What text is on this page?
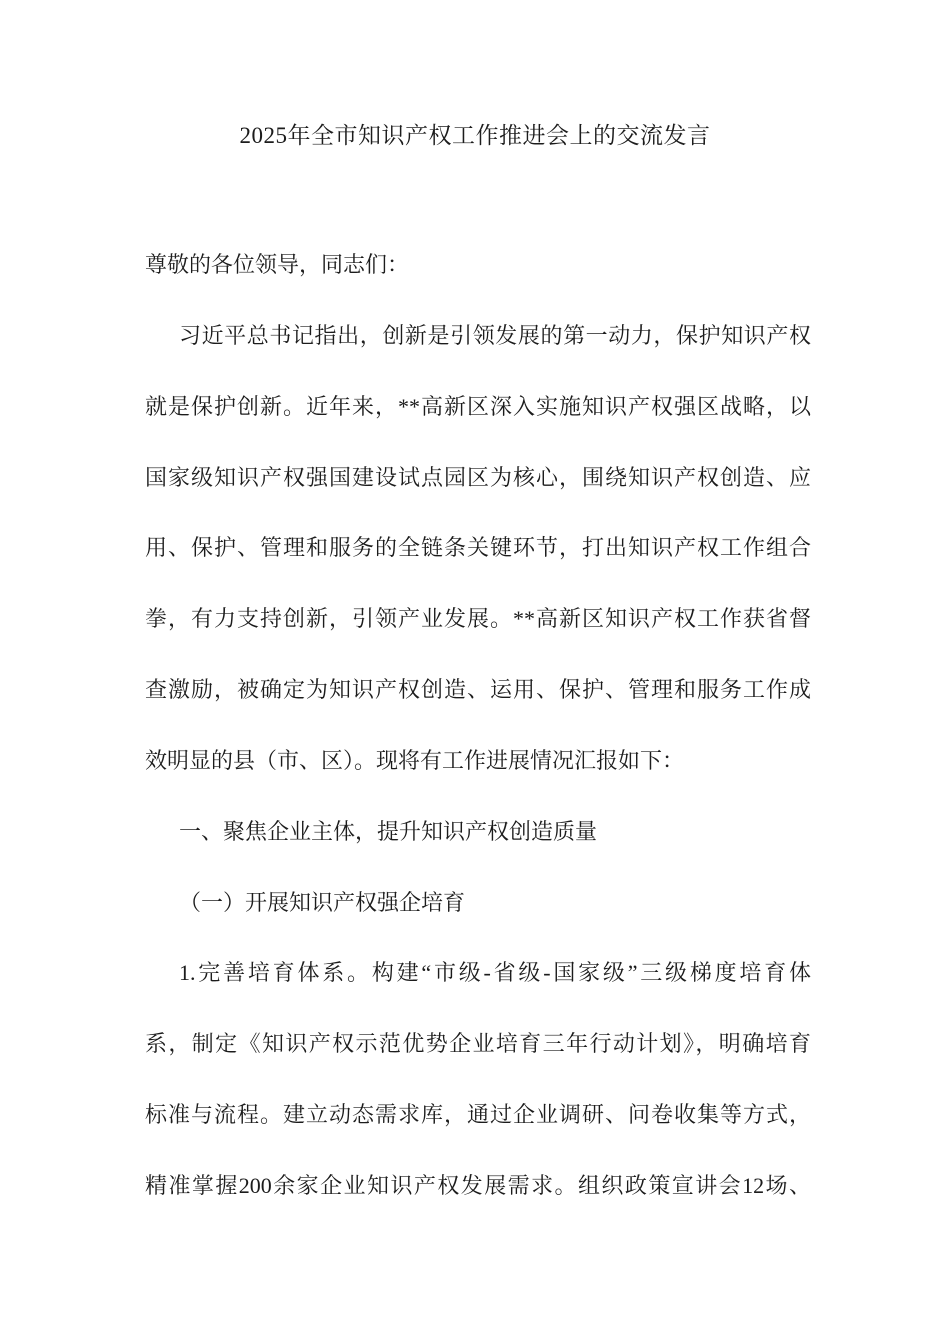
2025年全市知识产权工作推进会上的交流发言
尊敬的各位领导，同志们：
习近平总书记指出，创新是引领发展的第一动力，保护知识产权
就是保护创新。近年来，**高新区深入实施知识产权强区战略，以
国家级知识产权强国建设试点园区为核心，围绕知识产权创造、应
用、保护、管理和服务的全链条关键环节，打出知识产权工作组合
拳，有力支持创新，引领产业发展。**高新区知识产权工作获省督
查激励，被确定为知识产权创造、运用、保护、管理和服务工作成
效明显的县（市、区）。现将有工作进展情况汇报如下：
一、聚焦企业主体，提升知识产权创造质量
（一）开展知识产权强企培育
1.完善培育体系。构建“市级-省级-国家级”三级梯度培育体
系，制定《知识产权示范优势企业培育三年行动计划》，明确培育
标准与流程。建立动态需求库，通过企业调研、问卷收集等方式，
精准掌握200余家企业知识产权发展需求。组织政策宣讲会12场、
